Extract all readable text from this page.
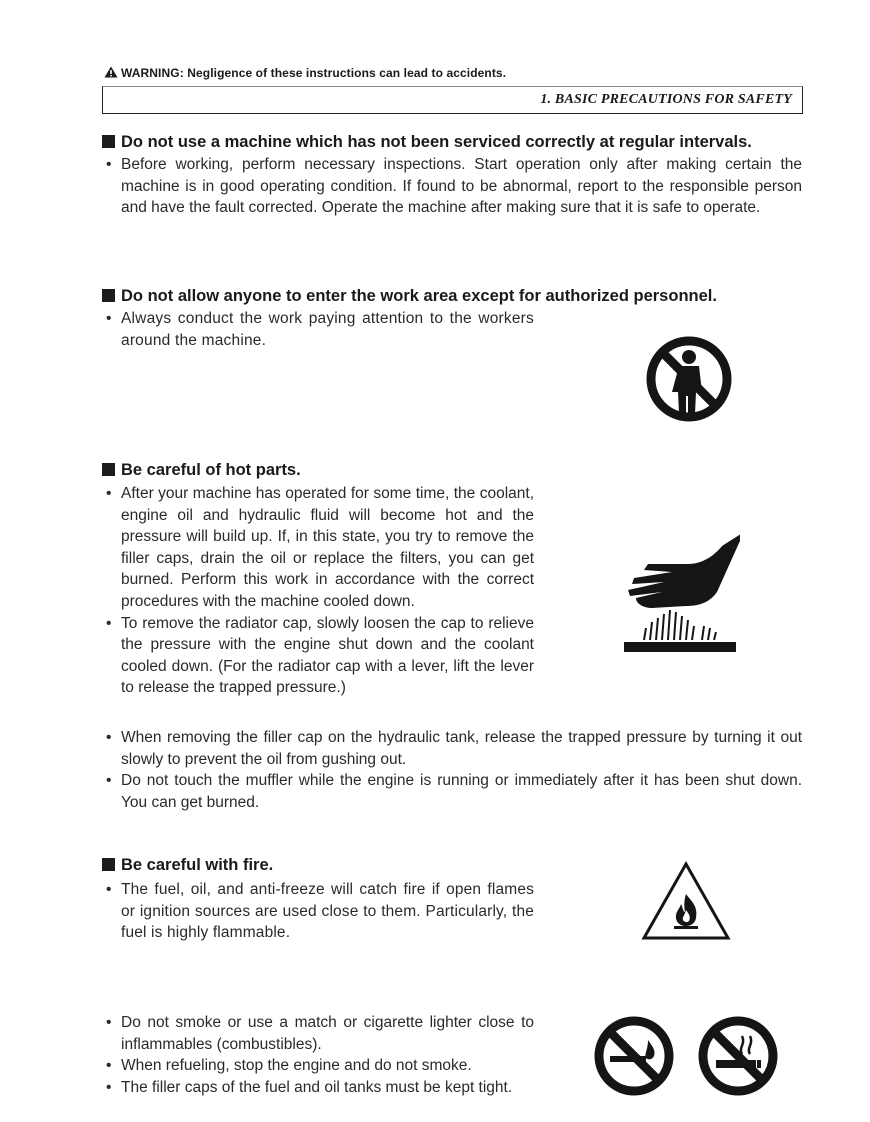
WARNING: Negligence of these instructions can lead to accidents.
1. BASIC PRECAUTIONS FOR SAFETY
Do not use a machine which has not been serviced correctly at regular intervals.
• Before working, perform necessary inspections. Start operation only after making certain the machine is in good operating condition. If found to be abnormal, report to the responsible person and have the fault corrected. Operate the machine after making sure that it is safe to operate.
Do not allow anyone to enter the work area except for authorized personnel.
• Always conduct the work paying attention to the workers around the machine.
Be careful of hot parts.
• After your machine has operated for some time, the coolant, engine oil and hydraulic fluid will become hot and the pressure will build up. If, in this state, you try to remove the filler caps, drain the oil or replace the filters, you can get burned. Perform this work in accordance with the correct procedures with the machine cooled down.
• To remove the radiator cap, slowly loosen the cap to relieve the pressure with the engine shut down and the coolant cooled down. (For the radiator cap with a lever, lift the lever to release the trapped pressure.)
• When removing the filler cap on the hydraulic tank, release the trapped pressure by turning it out slowly to prevent the oil from gushing out.
• Do not touch the muffler while the engine is running or immediately after it has been shut down. You can get burned.
Be careful with fire.
• The fuel, oil, and anti-freeze will catch fire if open flames or ignition sources are used close to them. Particularly, the fuel is highly flammable.
• Do not smoke or use a match or cigarette lighter close to inflammables (combustibles).
• When refueling, stop the engine and do not smoke.
• The filler caps of the fuel and oil tanks must be kept tight.
